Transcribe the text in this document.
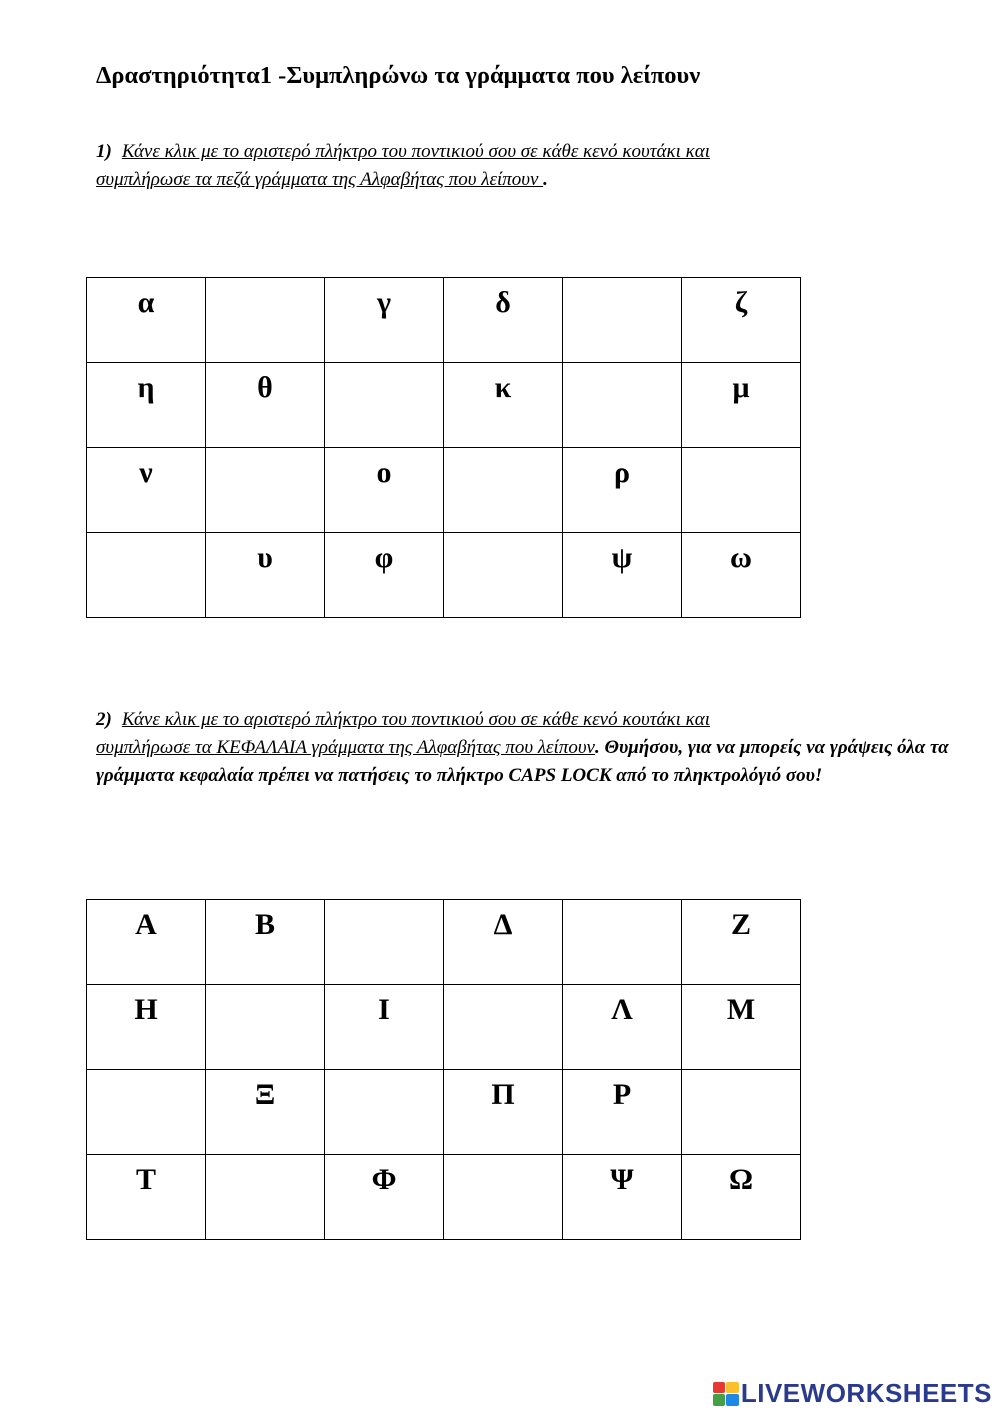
Δραστηριότητα1 -Συμπληρώνω τα γράμματα που λείπουν
1) Κάνε κλικ με το αριστερό πλήκτρο του ποντικιού σου σε κάθε κενό κουτάκι και
συμπλήρωσε τα πεζά γράμματα της Αλφαβήτας που λείπουν .
α		γ	δ		ζ
η	θ		κ		μ
ν		ο		ρ	
	υ	φ		ψ	ω
2) Κάνε κλικ με το αριστερό πλήκτρο του ποντικιού σου σε κάθε κενό κουτάκι και
συμπλήρωσε τα ΚΕΦΑΛΑΙΑ γράμματα της Αλφαβήτας που λείπουν. Θυμήσου, για να μπορείς να γράψεις όλα τα γράμματα κεφαλαία πρέπει να πατήσεις το πλήκτρο CAPS LOCK από το πληκτρολόγιό σου!
Α	Β		Δ		Ζ
Η		Ι		Λ	Μ
	Ξ		Π	Ρ	
Τ		Φ		Ψ	Ω
LIVEWORKSHEETS
